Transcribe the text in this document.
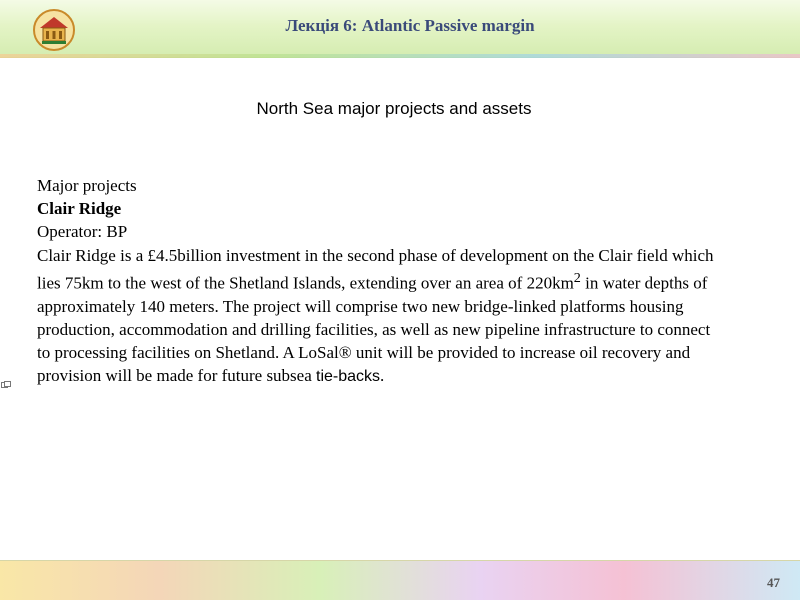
Лекція 6: Atlantic Passive margin
North Sea major projects and assets
Major projects
Clair Ridge
Operator: BP
Clair Ridge is a £4.5billion investment in the second phase of development on the Clair field which lies 75km to the west of the Shetland Islands, extending over an area of $220km^2$ in water depths of approximately 140 meters. The project will comprise two new bridge-linked platforms housing production, accommodation and drilling facilities, as well as new pipeline infrastructure to connect to processing facilities on Shetland. A LoSal® unit will be provided to increase oil recovery and provision will be made for future subsea tie-backs.
47
